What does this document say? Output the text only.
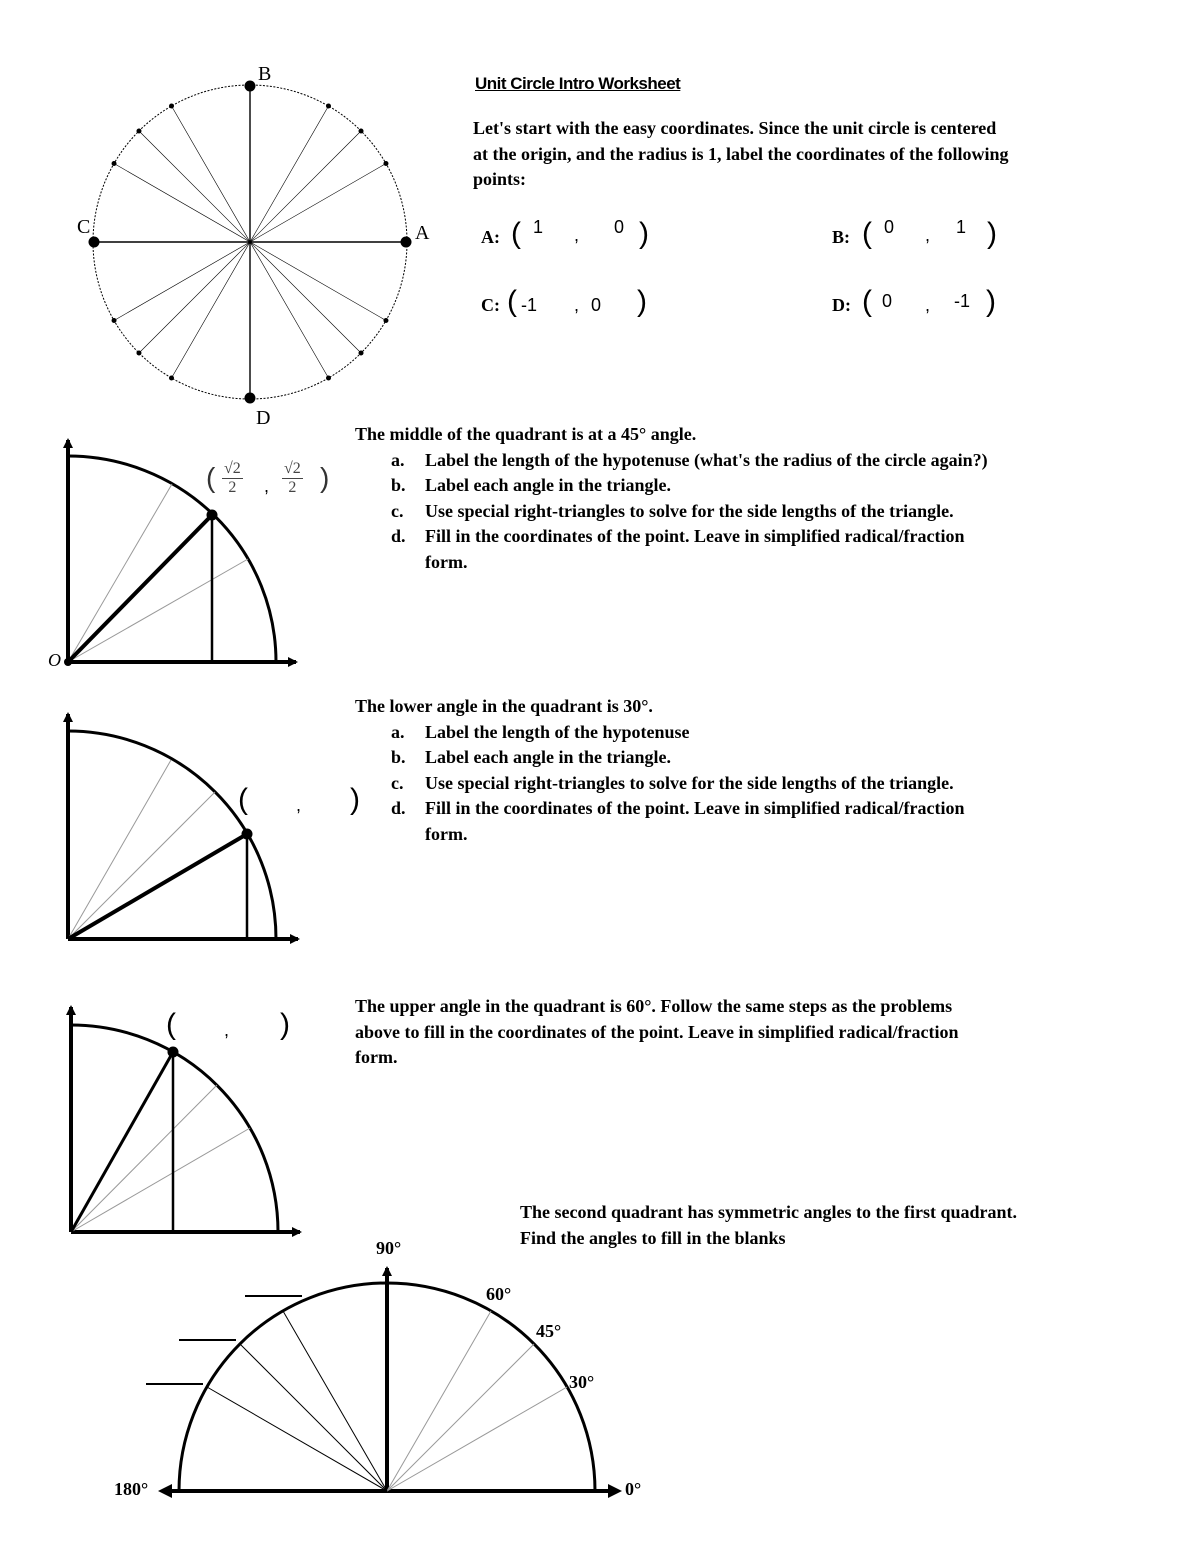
B
A
C
D
Unit Circle Intro Worksheet
Let's start with the easy coordinates. Since the unit circle is centered
at the origin, and the radius is 1, label the coordinates of the following
points:
A: ( 1 , 0 )	B: ( 0 , 1 )
C: ( -1 , 0 )	D: ( 0 , -1 )
The middle of the quadrant is at a 45° angle.
a. Label the length of the hypotenuse (what's the radius of the circle again?)
b. Label each angle in the triangle.
c. Use special right-triangles to solve for the side lengths of the triangle.
d. Fill in the coordinates of the point. Leave in simplified radical/fraction
form.
O
( $\frac{√2}{2}$ , $\frac{√2}{2}$ )
The lower angle in the quadrant is 30°.
a. Label the length of the hypotenuse
b. Label each angle in the triangle.
c. Use special right-triangles to solve for the side lengths of the triangle.
d. Fill in the coordinates of the point. Leave in simplified radical/fraction
form.
(	, )
The upper angle in the quadrant is 60°. Follow the same steps as the problems
above to fill in the coordinates of the point. Leave in simplified radical/fraction
form.
(	, )
The second quadrant has symmetric angles to the first quadrant.
Find the angles to fill in the blanks
90°
60°
45°
30°
0°
180°
